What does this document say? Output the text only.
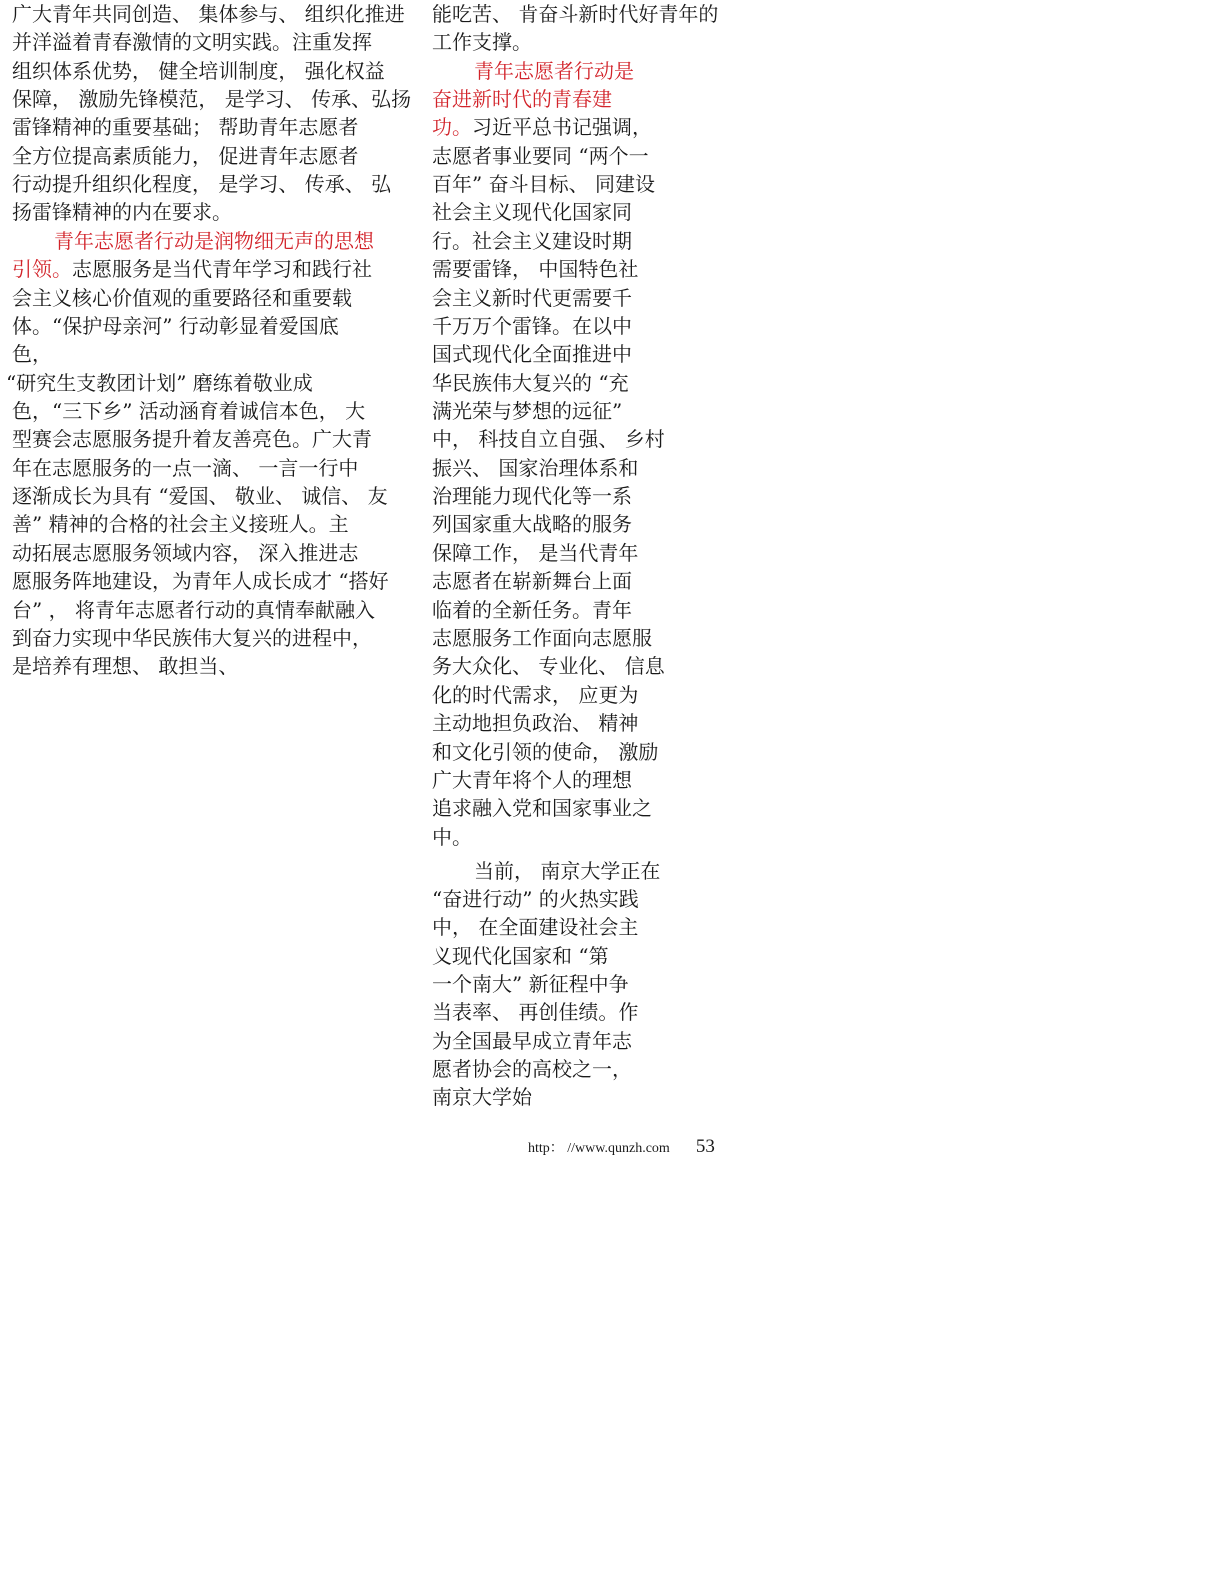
广大青年共同创造、 集体参与、 组织化推进
并洋溢着青春激情的文明实践。注重发挥
组织体系优势， 健全培训制度， 强化权益
保障， 激励先锋模范， 是学习、 传承、弘扬
雷锋精神的重要基础； 帮助青年志愿者
全方位提高素质能力， 促进青年志愿者
行动提升组织化程度， 是学习、 传承、 弘
扬雷锋精神的内在要求。
青年志愿者行动是润物细无声的思想
引领。志愿服务是当代青年学习和践行社
会主义核心价值观的重要路径和重要载
体。“保护母亲河” 行动彰显着爱国底
色，
“研究生支教团计划” 磨练着敬业成
色，“三下乡” 活动涵育着诚信本色， 大
型赛会志愿服务提升着友善亮色。广大青
年在志愿服务的一点一滴、 一言一行中
逐渐成长为具有 “爱国、 敬业、 诚信、 友
善” 精神的合格的社会主义接班人。主
动拓展志愿服务领域内容， 深入推进志
愿服务阵地建设，为青年人成长成才 “搭好
台” ， 将青年志愿者行动的真情奉献融入
到奋力实现中华民族伟大复兴的进程中，
是培养有理想、 敢担当、
能吃苦、 肯奋斗新时代好青年的
工作支撑。
青年志愿者行动是
奋进新时代的青春建
功。习近平总书记强调，
志愿者事业要同 “两个一
百年” 奋斗目标、 同建设
社会主义现代化国家同
行。社会主义建设时期
需要雷锋， 中国特色社
会主义新时代更需要千
千万万个雷锋。在以中
国式现代化全面推进中
华民族伟大复兴的 “充
满光荣与梦想的远征”
中， 科技自立自强、 乡村
振兴、 国家治理体系和
治理能力现代化等一系
列国家重大战略的服务
保障工作， 是当代青年
志愿者在崭新舞台上面
临着的全新任务。青年
志愿服务工作面向志愿服
务大众化、 专业化、 信息
化的时代需求， 应更为
主动地担负政治、 精神
和文化引领的使命， 激励
广大青年将个人的理想
追求融入党和国家事业之
中。
当前， 南京大学正在
“奋进行动” 的火热实践
中， 在全面建设社会主
义现代化国家和 “第
一个南大” 新征程中争
当表率、 再创佳绩。作
为全国最早成立青年志
愿者协会的高校之一，
南京大学始
http： //www.qunzh.com 53
